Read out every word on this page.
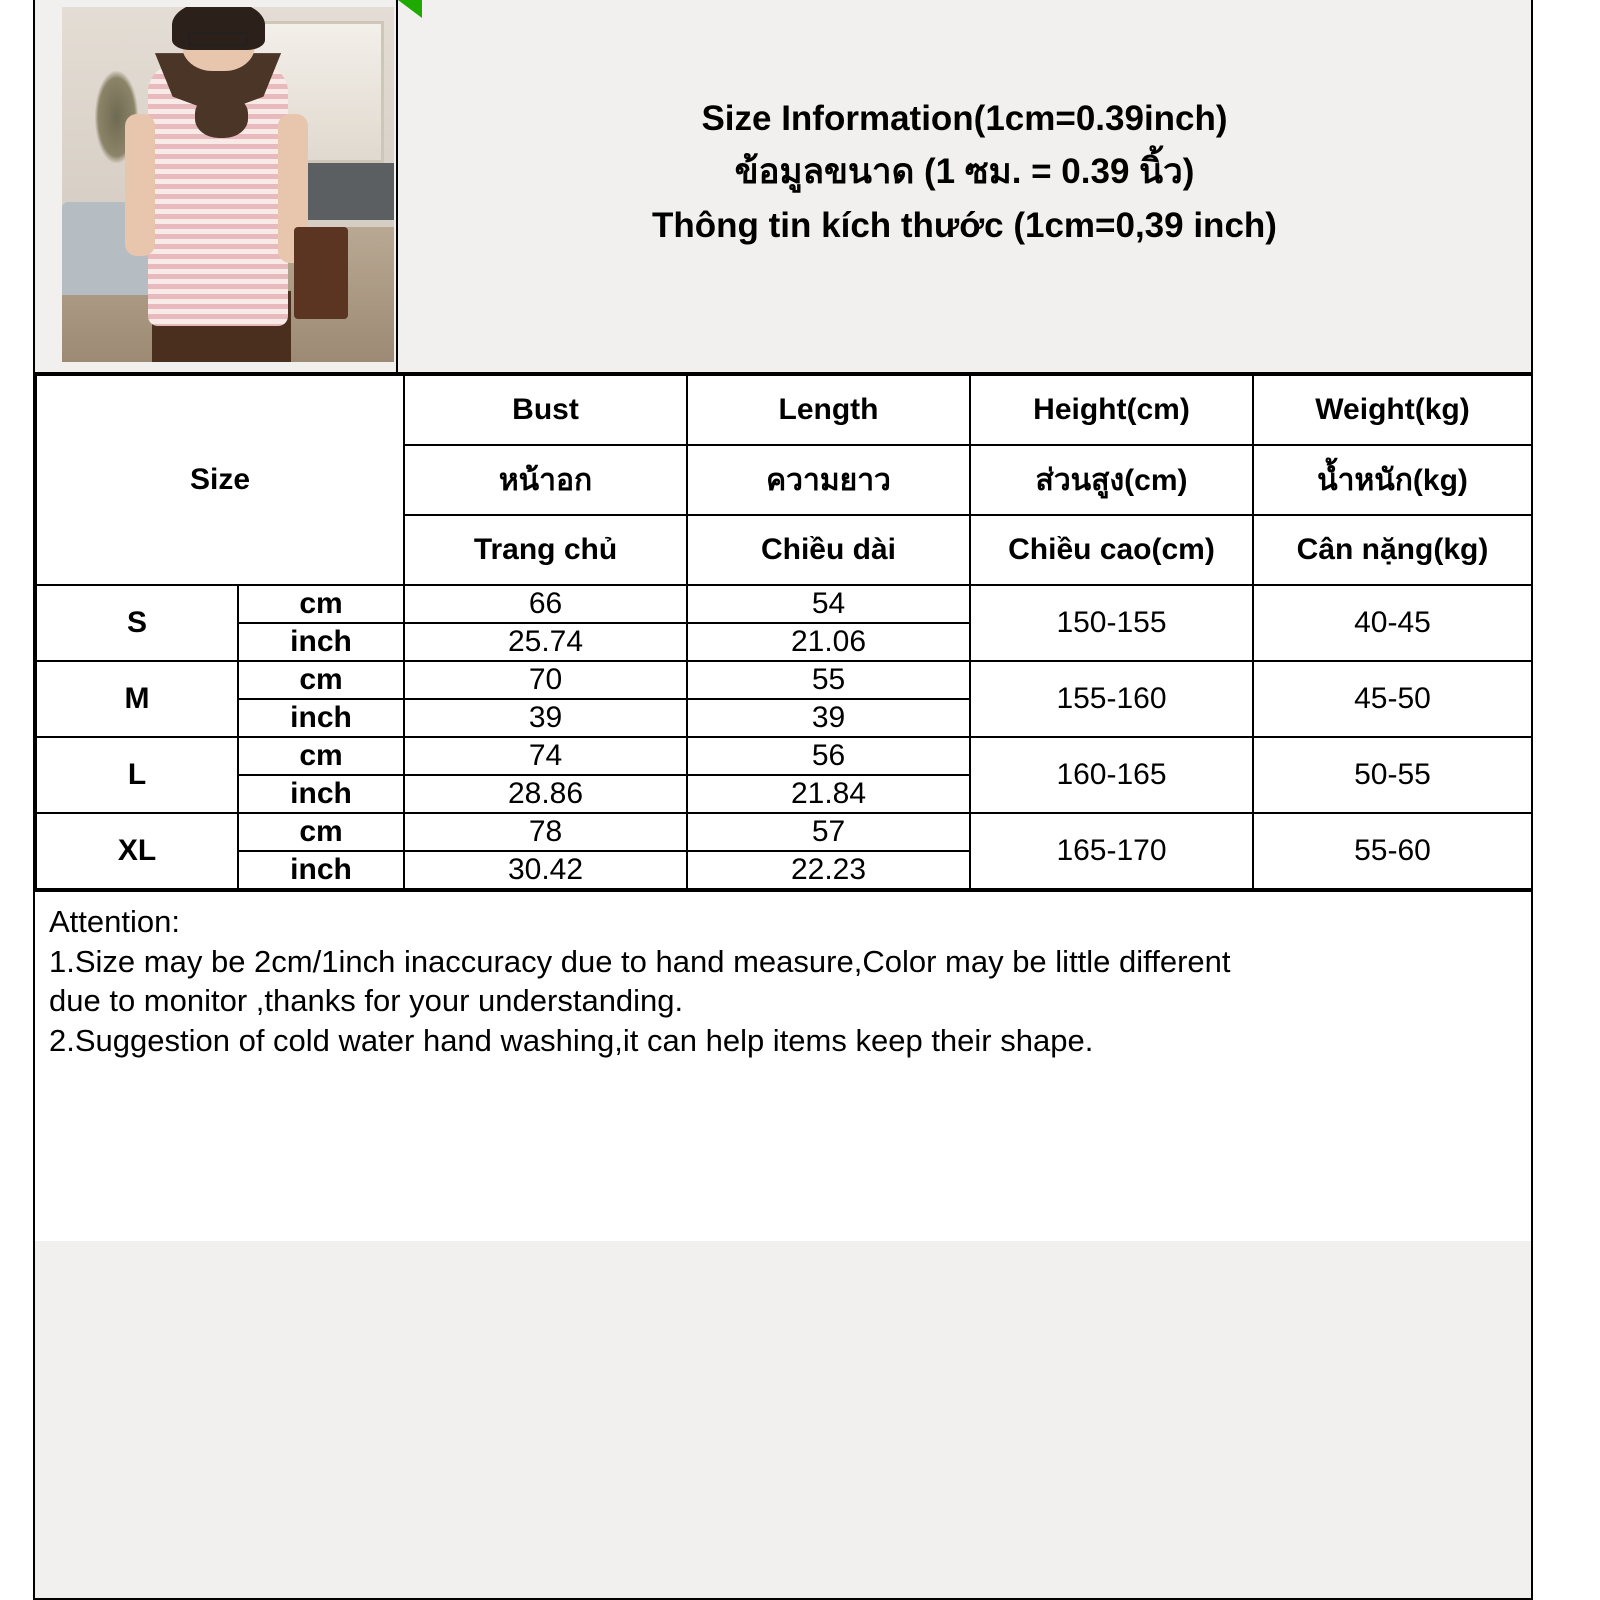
Size Information(1cm=0.39inch)
ข้อมูลขนาด (1 ซม. = 0.39 นิ้ว)
Thông tin kích thước (1cm=0,39 inch)
Size		Bust	Length	Height(cm)	Weight(kg)
		หน้าอก	ความยาว	ส่วนสูง(cm)	น้ำหนัก(kg)
		Trang chủ	Chiều dài	Chiều cao(cm)	Cân nặng(kg)
S	cm	66	54	150-155	40-45
	inch	25.74	21.06		
M	cm	70	55	155-160	45-50
	inch	39	39		
L	cm	74	56	160-165	50-55
	inch	28.86	21.84		
XL	cm	78	57	165-170	55-60
	inch	30.42	22.23		
Attention:
1.Size may be 2cm/1inch inaccuracy due to hand measure,Color may be little different
due to monitor ,thanks for your understanding.
2.Suggestion of cold water hand washing,it can help items keep their shape.
